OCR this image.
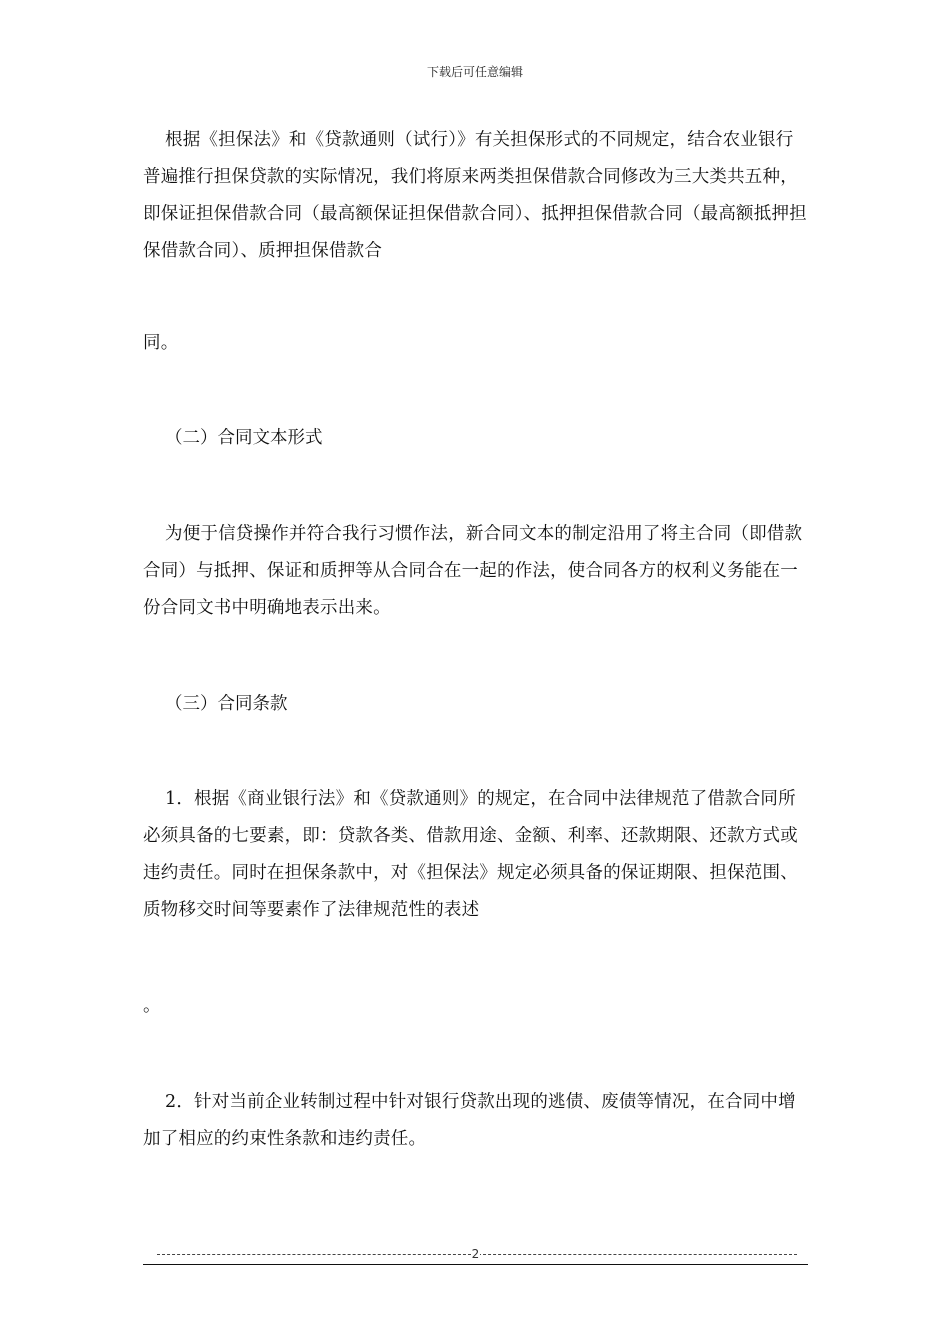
下载后可任意编辑

根据《担保法》和《贷款通则（试行）》有关担保形式的不同规定，结合农业银行普遍推行担保贷款的实际情况，我们将原来两类担保借款合同修改为三大类共五种，即保证担保借款合同（最高额保证担保借款合同）、抵押担保借款合同（最高额抵押担保借款合同）、质押担保借款合

同。

（二）合同文本形式

为便于信贷操作并符合我行习惯作法，新合同文本的制定沿用了将主合同（即借款合同）与抵押、保证和质押等从合同合在一起的作法，使合同各方的权利义务能在一份合同文书中明确地表示出来。

（三）合同条款

1．根据《商业银行法》和《贷款通则》的规定，在合同中法律规范了借款合同所必须具备的七要素，即：贷款各类、借款用途、金额、利率、还款期限、还款方式或违约责任。同时在担保条款中，对《担保法》规定必须具备的保证期限、担保范围、质物移交时间等要素作了法律规范性的表述

。

2．针对当前企业转制过程中针对银行贷款出现的逃债、废债等情况，在合同中增加了相应的约束性条款和违约责任。

2
